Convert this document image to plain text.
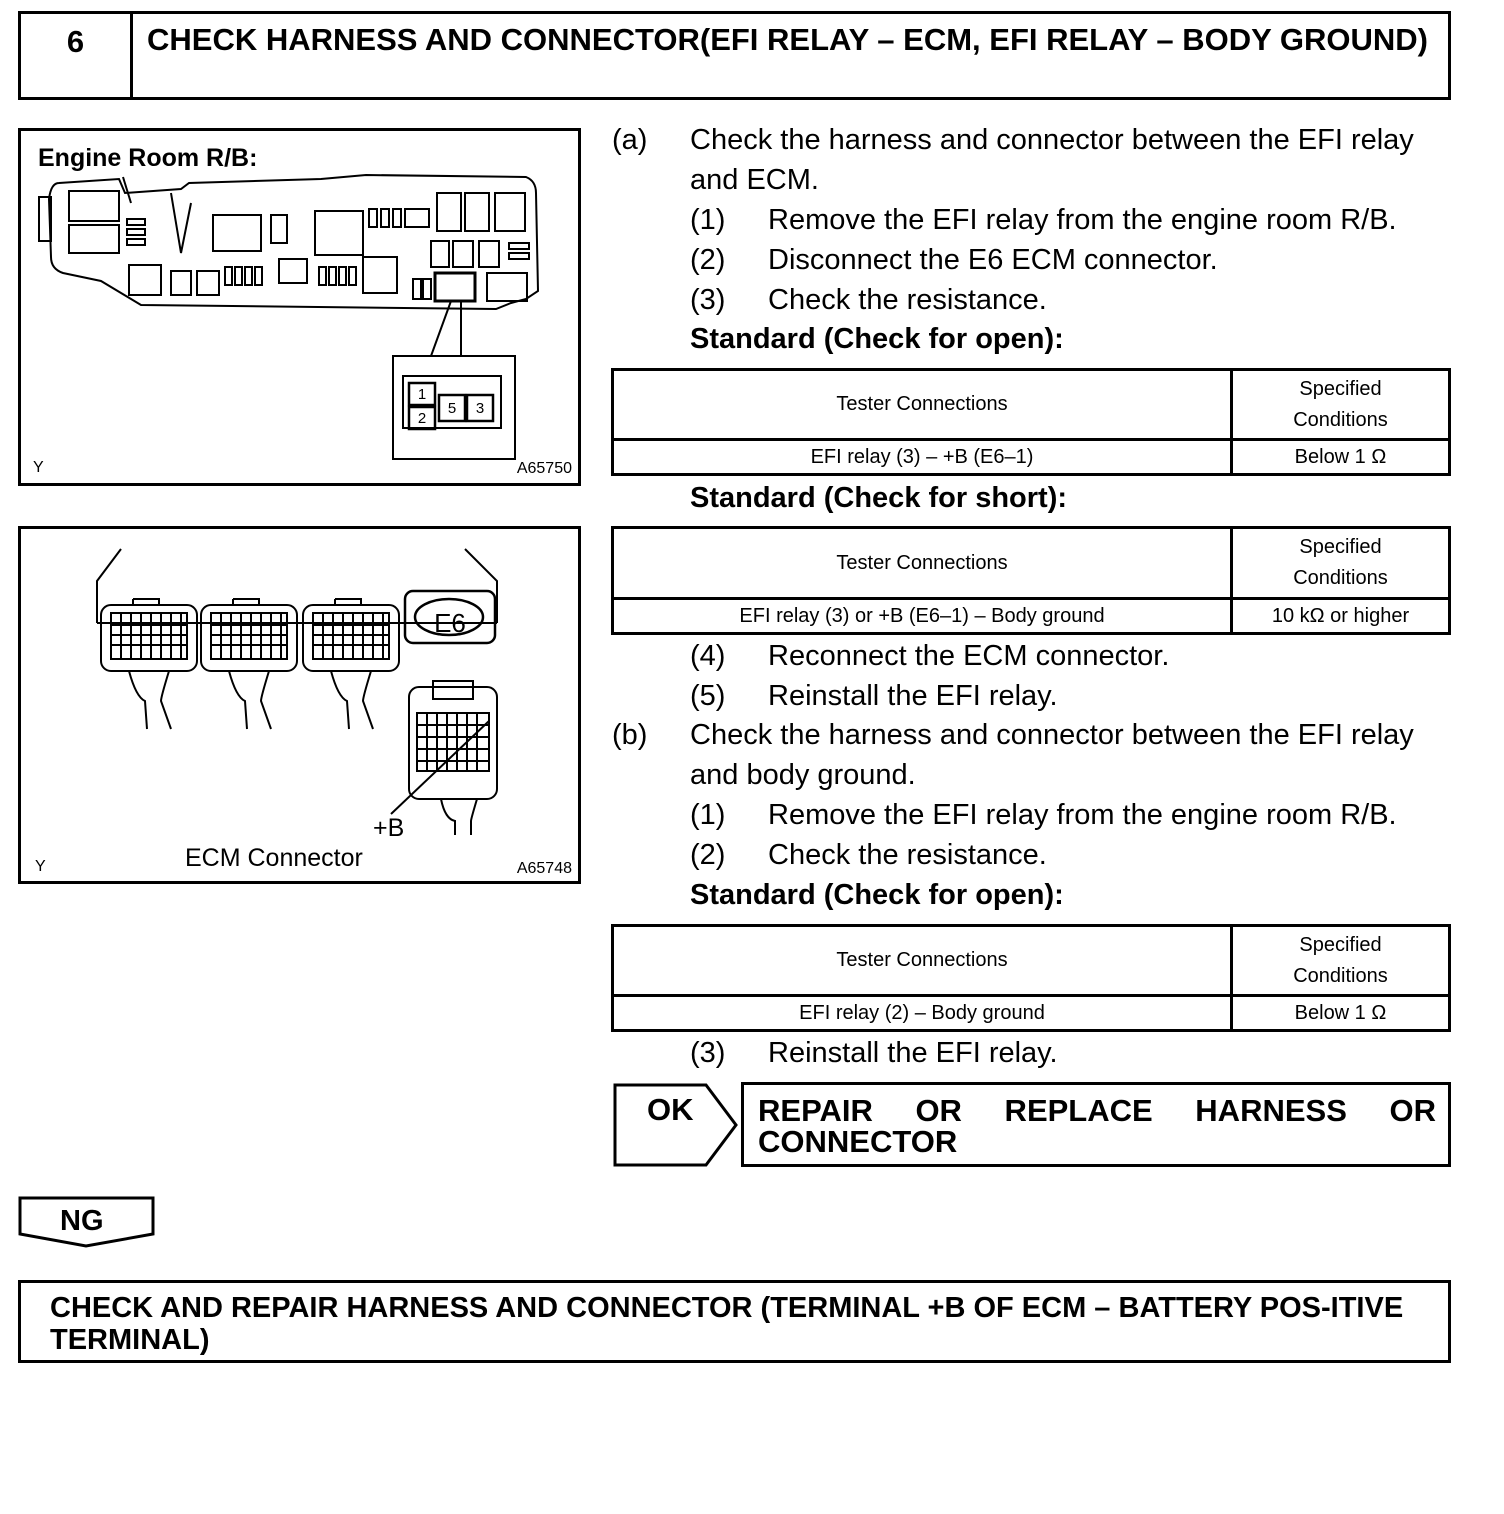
6	CHECK HARNESS AND CONNECTOR(EFI RELAY – ECM, EFI RELAY – BODY GROUND)
1
2
5 3
Engine Room R/B:
Y	A65750
E6
+B
ECM Connector
Y	A65748
(a) Check the harness and connector between the EFI relay
and ECM.
(1) Remove the EFI relay from the engine room R/B.
(2) Disconnect the E6 ECM connector.
(3) Check the resistance.
Standard (Check for open):
Tester Connections	Specified
Conditions

EFI relay (3) – +B (E6–1)	Below 1 Ω
Standard (Check for short):
Tester Connections	Specified
Conditions

EFI relay (3) or +B (E6–1) – Body ground	10 kΩ or higher
(4) Reconnect the ECM connector.
(5) Reinstall the EFI relay.
(b) Check the harness and connector between the EFI relay
and body ground.
(1) Remove the EFI relay from the engine room R/B.
(2) Check the resistance.
Standard (Check for open):
Tester Connections	Specified
Conditions

EFI relay (2) – Body ground	Below 1 Ω
(3) Reinstall the EFI relay.
OK REPAIR OR REPLACE HARNESS OR CONNECTOR
NG
CHECK AND REPAIR HARNESS AND CONNECTOR (TERMINAL +B OF ECM – BATTERY POS-ITIVE TERMINAL)
